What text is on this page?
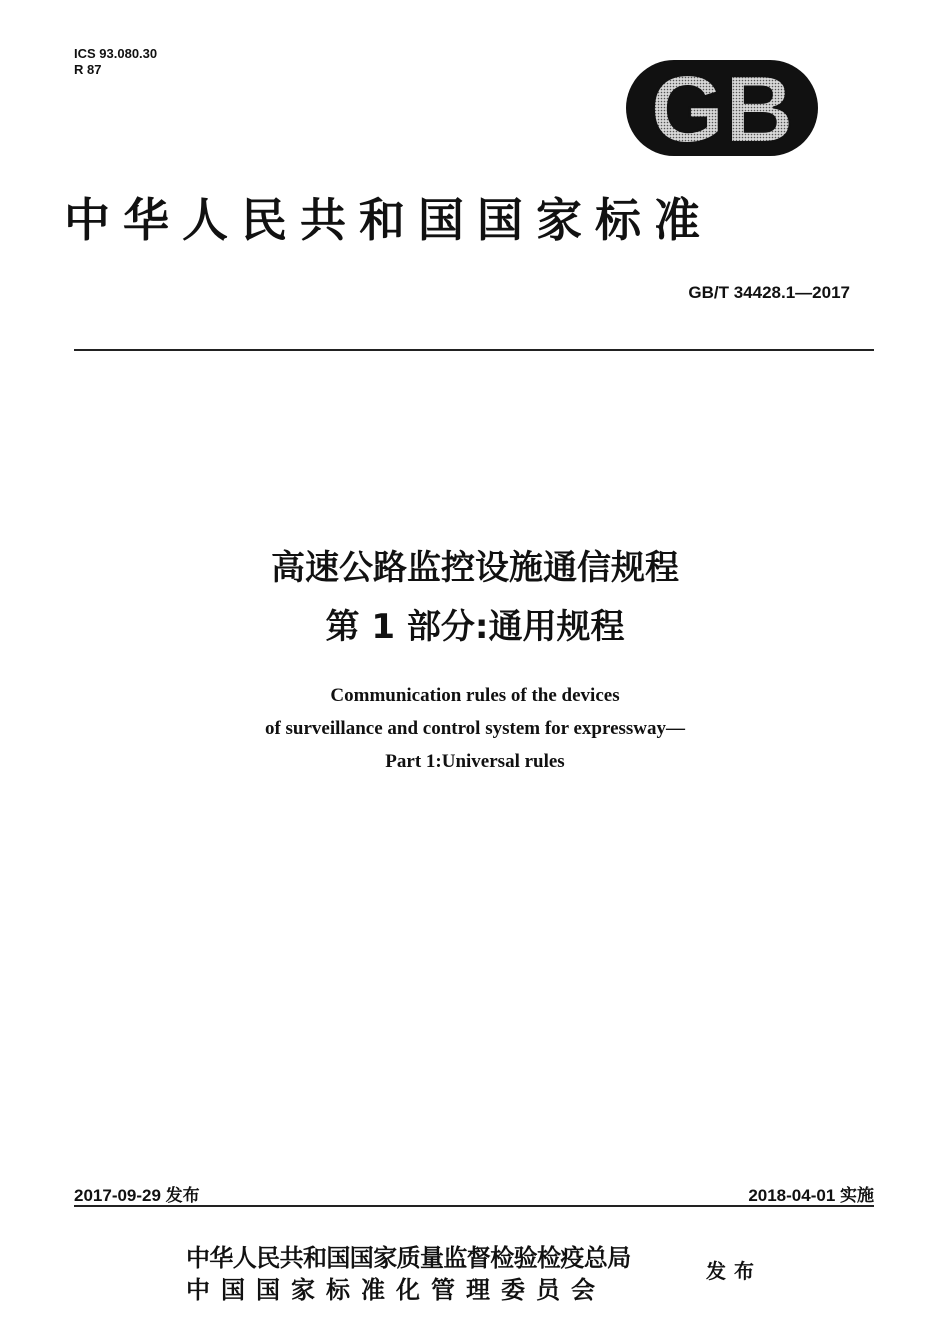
ICS 93.080.30
R 87	GB
中华人民共和国国家标准
GB/T 34428.1—2017
高速公路监控设施通信规程
第 1 部分:通用规程
Communication rules of the devices
of surveillance and control system for expressway—
Part 1:Universal rules
2017-09-29 发布	2018-04-01 实施
中华人民共和国国家质量监督检验检疫总局
中国国家标准化管理委员会
发布
